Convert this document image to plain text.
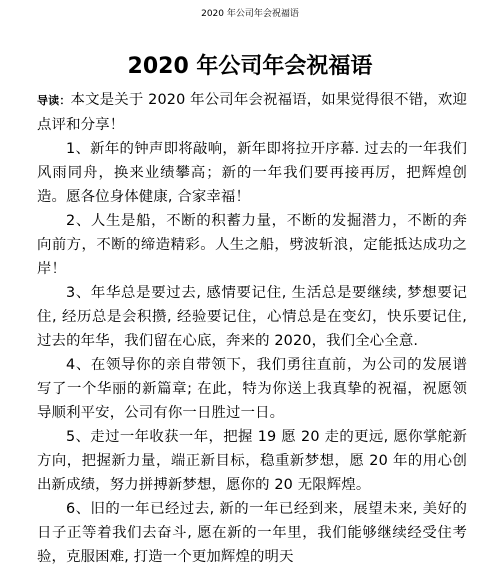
2020 年公司年会祝福语
2020 年公司年会祝福语

导读：本文是关于 2020 年公司年会祝福语，如果觉得很不错，欢迎点评和分享！

1、新年的钟声即将敲响，新年即将拉开序幕. 过去的一年我们风雨同舟，换来业绩攀高；新的一年我们要再接再厉，把辉煌创造。愿各位身体健康, 合家幸福！

2、人生是船，不断的积蓄力量，不断的发掘潜力，不断的奔向前方，不断的缔造精彩。人生之船，劈波斩浪，定能抵达成功之岸！

3、年华总是要过去, 感情要记住, 生活总是要继续, 梦想要记住, 经历总是会积攒, 经验要记住，心情总是在变幻，快乐要记住, 过去的年华，我们留在心底，奔来的 2020，我们全心全意.

4、在领导你的亲自带领下，我们勇往直前，为公司的发展谱写了一个华丽的新篇章; 在此，特为你送上我真挚的祝福，祝愿领导顺利平安，公司有你一日胜过一日。

5、走过一年收获一年，把握 19 愿 20 走的更远, 愿你掌舵新方向，把握新力量，端正新目标，稳重新梦想，愿 20 年的用心创出新成绩，努力拼搏新梦想，愿你的 20 无限辉煌。

6、旧的一年已经过去, 新的一年已经到来，展望未来, 美好的日子正等着我们去奋斗, 愿在新的一年里，我们能够继续经受住考验，克服困难, 打造一个更加辉煌的明天
